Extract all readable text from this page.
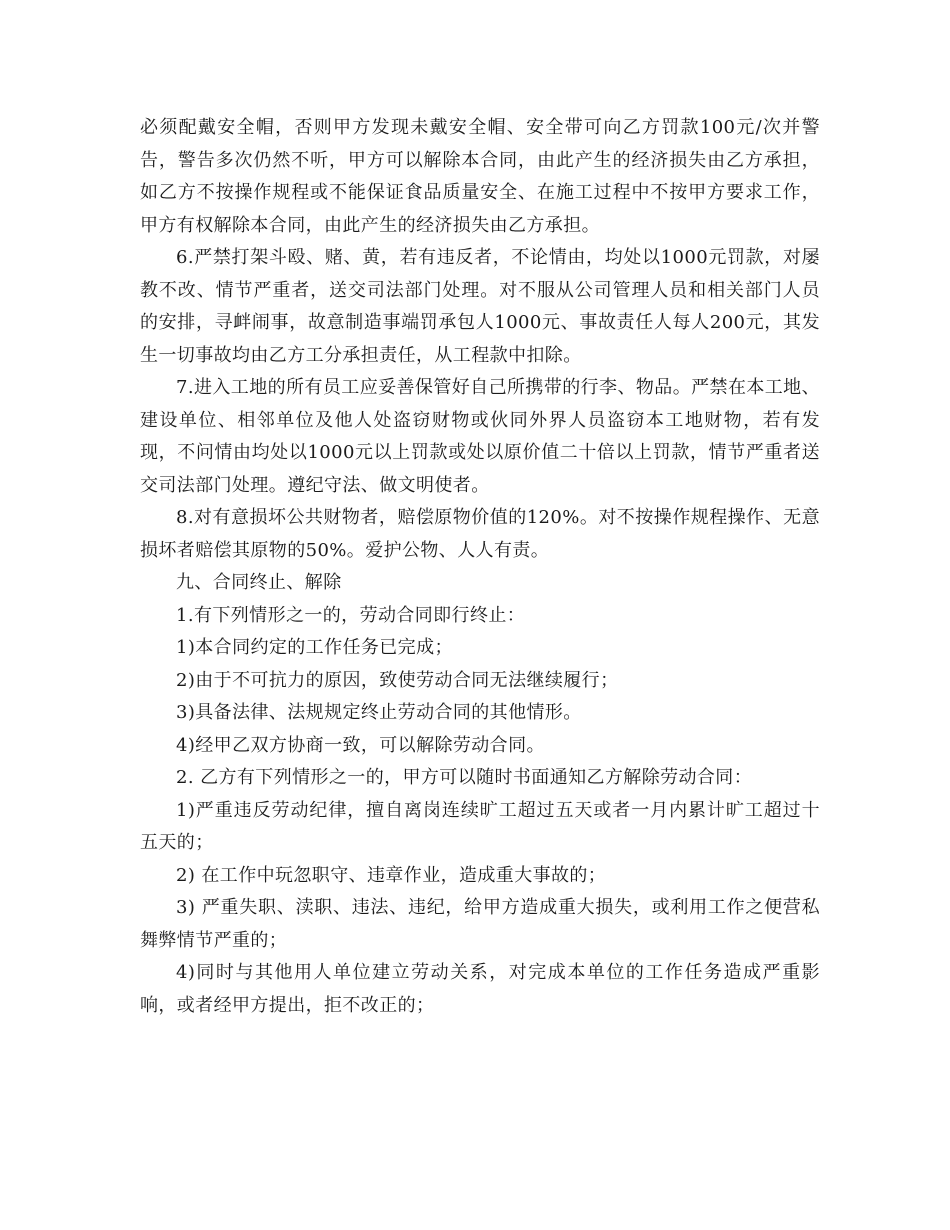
必须配戴安全帽，否则甲方发现未戴安全帽、安全带可向乙方罚款100元/次并警告，警告多次仍然不听，甲方可以解除本合同，由此产生的经济损失由乙方承担，如乙方不按操作规程或不能保证食品质量安全、在施工过程中不按甲方要求工作，甲方有权解除本合同，由此产生的经济损失由乙方承担。

6.严禁打架斗殴、赌、黄，若有违反者，不论情由，均处以1000元罚款，对屡教不改、情节严重者，送交司法部门处理。对不服从公司管理人员和相关部门人员的安排，寻衅闹事，故意制造事端罚承包人1000元、事故责任人每人200元，其发生一切事故均由乙方工分承担责任，从工程款中扣除。

7.进入工地的所有员工应妥善保管好自己所携带的行李、物品。严禁在本工地、建设单位、相邻单位及他人处盗窃财物或伙同外界人员盗窃本工地财物，若有发现，不问情由均处以1000元以上罚款或处以原价值二十倍以上罚款，情节严重者送交司法部门处理。遵纪守法、做文明使者。

8.对有意损坏公共财物者，赔偿原物价值的120%。对不按操作规程操作、无意损坏者赔偿其原物的50%。爱护公物、人人有责。

九、合同终止、解除

1.有下列情形之一的，劳动合同即行终止：

1)本合同约定的工作任务已完成；

2)由于不可抗力的原因，致使劳动合同无法继续履行；

3)具备法律、法规规定终止劳动合同的其他情形。

4)经甲乙双方协商一致，可以解除劳动合同。

2. 乙方有下列情形之一的，甲方可以随时书面通知乙方解除劳动合同：

1)严重违反劳动纪律，擅自离岗连续旷工超过五天或者一月内累计旷工超过十五天的；

2) 在工作中玩忽职守、违章作业，造成重大事故的；

3) 严重失职、渎职、违法、违纪，给甲方造成重大损失，或利用工作之便营私舞弊情节严重的；

4)同时与其他用人单位建立劳动关系，对完成本单位的工作任务造成严重影响，或者经甲方提出，拒不改正的；
